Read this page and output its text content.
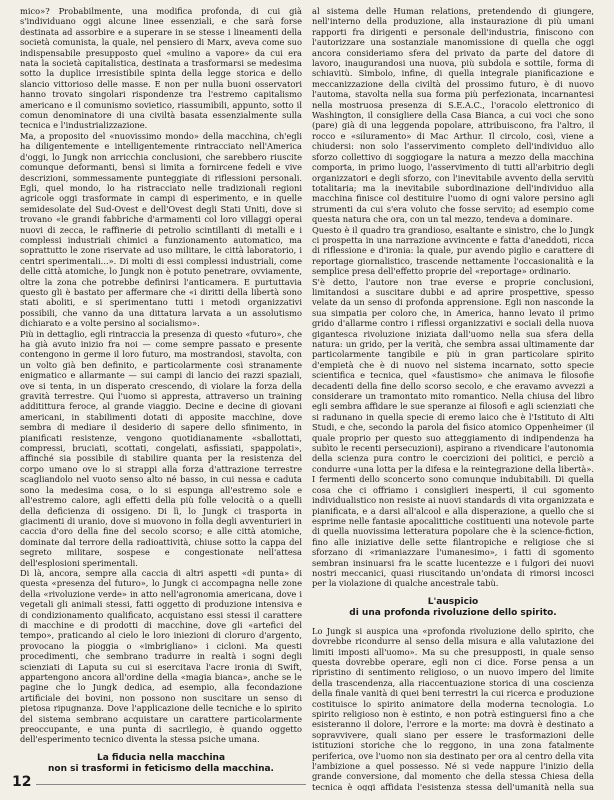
mico»? Probabilmente, una modifica profonda, di cui già s'individuano oggi alcune linee essenziali, e che sarà forse destinata ad assorbire e a superare in se stesse i lineamenti della società comunista, la quale, nel pensiero di Marx, aveva come suo indispensabile presupposto quel «mulino a vapore» da cui era nata la società capitalistica, destinata a trasformarsi se medesima sotto la duplice irresistibile spinta della legge storica e dello slancio vittorioso delle masse. E non per nulla buoni osservatori hanno trovato singolari rispondenze tra l'estremo capitalismo americano e il comunismo sovietico, riassumibili, appunto, sotto il comun denominatore di una civiltà basata essenzialmente sulla tecnica e l'industrializzazione.

Ma, a proposito del «nuovissimo mondo» della macchina, ch'egli ha diligentemente e intelligentemente rintracciato nell'America d'oggi, lo Jungk non arricchia conclusioni, che sarebbero riuscite comunque deformanti, bensì si limita a fornircene fedeli e vive descrizioni, sommessamente punteggiate di riflessioni personali. Egli, quel mondo, lo ha ristracciato nelle tradizionali regioni agricole oggi trasformate in campi di esperimento, e in quelle semidesolate del Sud-Ovest e dell'Ovest degli Stati Uniti, dove si trovano «le grandi fabbriche d'armamenti col loro villaggi operai nuovi di zecca, le raffinerie di petrolio scintillanti di metalli e i complessi industriali chimici a funzionamento automatico, ma soprattutto le zone riservate ad uso militare, le città laboratorio, i centri sperimentali...». Di molti di essi complessi industriali, come delle città atomiche, lo Jungk non è potuto penetrare, ovviamente, oltre la zona che potrebbe definirsi l'anticamera. E purtuttavia questo gli è bastato per affermare che «i diritti della libertà sono stati aboliti, e si sperimentano tutti i metodi organizzativi possibili, che vanno da una dittatura larvata a un assolutismo dichiarato e a volte persino al socialismo».

Più in dettaglio, egli rintraccia la presenza di questo «futuro», che ha già avuto inizio fra noi — come sempre passato e presente contengono in germe il loro futuro, ma mostrandosi, stavolta, con un volto già ben definito, e particolarmente così stranamente enigmatico e allarmante — sui campi di lancio dei razzi spaziali, ove si tenta, in un disperato crescendo, di violare la forza della gravità terrestre. Qui l'uomo si appresta, attraverso un training additittura feroce, al grande viaggio. Decine e decine di giovani americani, in stabilimenti dotati di apposite macchine, dove sembra di mediare il desiderio di sapere dello sfinimento, in pianificati resistenze, vengono quotidianamente «sballottati, compressi, bruciati, scottati, congelati, asfissiati, spappolati», affinché sia possibile di stabilire quanta per la resistenza del corpo umano ove lo si strappi alla forza d'attrazione terrestre scagliandolo nel vuoto senso alto né basso, in cui nessa e caduta sono la medesima cosa, o lo si espunga all'estremo sole e all'estremo calore, agli effetti della più folle velocità o a quelli della deficienza di ossigeno. Di lì, lo Jungk ci trasporta in giacimenti di uranio, dove si muovono in folla degli avventurieri in caccia d'oro della fine del secolo scorso; e alle città atomiche, dominate dal terrore della radioattività, chiuse sotto la cappa del segreto militare, sospese e congestionate nell'attesa dell'esplosioni sperimentali.

Di là, ancora, sempre alla caccia di altri aspetti «di punta» di questa «presenza del futuro», lo Jungk ci accompagna nelle zone della «rivoluzione verde» in atto nell'agronomia americana, dove i vegetali gli animali stessi, fatti oggetto di produzione intensiva e di condizionamento qualificato, acquistano essi stessi il carattere di macchine e di prodotti di macchine, dove gli «artefici del tempo», praticando al cielo le loro iniezioni di cloruro d'argento, provocano la pioggia o «imbrigliano» i cicloni. Ma questi procedimenti, che sembrano tradurre in realtà i sogni degli scienziati di Laputa su cui si esercitava l'acre ironia di Swift, appartengono ancora all'ordine della «magia bianca», anche se le pagine che lo Jungk dedica, ad esempio, alla fecondazione artificiale dei bovini, non possono non suscitare un senso di pietosa ripugnanza. Dove l'applicazione delle tecniche e lo spirito del sistema sembrano acquistare un carattere particolarmente preoccupante, e una punta di sacrilegio, è quando oggetto dell'esperimento tecnico diventa la stessa psiche umana.

La fiducia nella macchina
non si trasformi in feticismo della macchina.

al sistema delle Human relations, pretendendo di giungere, nell'interno della produzione, alla instaurazione di più umani rapporti fra dirigenti e personale dell'industria, finiscono con l'autorizzare una sostanziale manomissione di quella che oggi ancora consideriamo sfera del privato da parte del datore di lavoro, inaugurandosi una nuova, più subdola e sottile, forma di schiavitù. Simbolo, infine, di quella integrale pianificazione e meccanizzazione della civiltà del prossimo futuro, è di nuovo l'automa, stavolta nella sua forma più perfezionata, incarnantesi nella mostruosa presenza di S.E.A.C., l'oracolo elettronico di Washington, il consigliere della Casa Bianca, a cui voci che sono (pare) già di una leggenda popolare, attribuiscono, fra l'altro, il rocco e «siluramento» di Mac Arthur. Il circolo, così, viene a chiudersi: non solo l'asservimento completo dell'individuo allo sforzo collettivo di soggiogare la natura a mezzo della macchina comporta, in primo luogo, l'asservimento di tutti all'arbitrio degli organizzatori e degli sforzo, con l'inevitabile avvento della servitù totalitaria; ma la inevitabile subordinazione dell'individuo alla macchina finisce col destituire l'uomo di ogni valore persino agli strumenti da cui s'era voluto che fosse servito; ad esempio come questa natura che ora, con un tal mezzo, tendeva a dominare.

Questo è il quadro tra grandioso, esaltante e sinistro, che lo Jungk ci prospetta in una narrazione avvincente e fatta d'aneddoti, ricca di riflessione e d'ironia: la quale, pur avendo piglio e carattere di reportage giornalistico, trascende nettamente l'occasionalità e la semplice presa dell'effetto proprie del «reportage» ordinario.

S'è detto, l'autore non trae everse e proprie conclusioni, limitandosi a suscitare dubbi e ad aprire prospettive, spesso velate da un senso di profonda apprensione. Egli non nasconde la sua simpatia per coloro che, in America, hanno levato il primo grido d'allarme contro i riflessi organizzativi e sociali della nuova gigantesca rivoluzione iniziata dall'uomo nella sua sfera della natura: un grido, per la verità, che sembra assai ultimamente dar particolarmente tangibile e più in gran particolare spirito d'empietà che è di nuovo nel sistema incarnato, sotto specie scientifica e tecnica, quel «faustismo» che animava le filosofie decadenti della fine dello scorso secolo, e che eravamo avvezzi a considerare un tramontato mito romantico. Nella chiusa del libro egli sembra affidare le sue speranze ai filosofi e agli scienziati che si radunano in quella specie di eremo laico che è l'Istituto di Alti Studi, e che, secondo la parola del fisico atomico Oppenheimer (il quale proprio per questo suo atteggiamento di indipendenza ha subìto le recenti persecuzioni), aspirano a rivendicare l'autonomia della scienza pura contro le coercizioni dei politici, e perciò a condurre «una lotta per la difesa e la reintegrazione della libertà». I fermenti dello sconcerto sono comunque indubitabili. Di quella cosa che ci offriamo i consiglieri inesperti, il cui sgomento individualistico non resiste ai nuovi standards di vita organizzata e pianificata, e a darsi all'alcool e alla disperazione, a quello che si esprime nelle fantasie apocalittiche costituenti una notevole parte di quella nuovissima letteratura popolare che è la science-fiction, fino alle iniziative delle sette filantropiche e religiose che si sforzano di «rimaniazzare l'umanesimo», i fatti di sgomento sembran insinuarsi fra le scatte lucentezze e i fulgori dei nuovi nostri meccanici, quasi riuscitando un'ondata di rimorsi incosci per la violazione di qualche ancestrale tabù.

L'auspicio
di una profonda rivoluzione dello spirito.

Lo Jungk si auspica una «profonda rivoluzione dello spirito, che dovrebbe ricondurre al senso della misura e alla valutazione dei limiti imposti all'uomo». Ma su che presupposti, in quale senso questa dovrebbe operare, egli non ci dice. Forse pensa a un ripristino di sentimento religioso, o un nuovo impero del limite della trascendenza, alla riaccentuazione storica di una coscienza della finale vanità di quei beni terrestri la cui ricerca e produzione costituisce lo spirito animatore della moderna tecnologia. Lo spirito religioso non è estinto, e non potrà estinguersi fino a che esisteranno il dolore, l'errore e la morte: ma dovrà è destinato a sopravvivere, quali siano per essere le trasformazioni delle istituzioni storiche che lo reggono, in una zona fatalmente periferica, ove l'uomo non sia destinato per ora al centro della vita l'ambizione a quel possesso. Né si vede nappure l'inizio della grande conversione, dal momento che della stessa Chiesa della tecnica è oggi affidata l'esistenza stessa dell'umanità nella sua

12
